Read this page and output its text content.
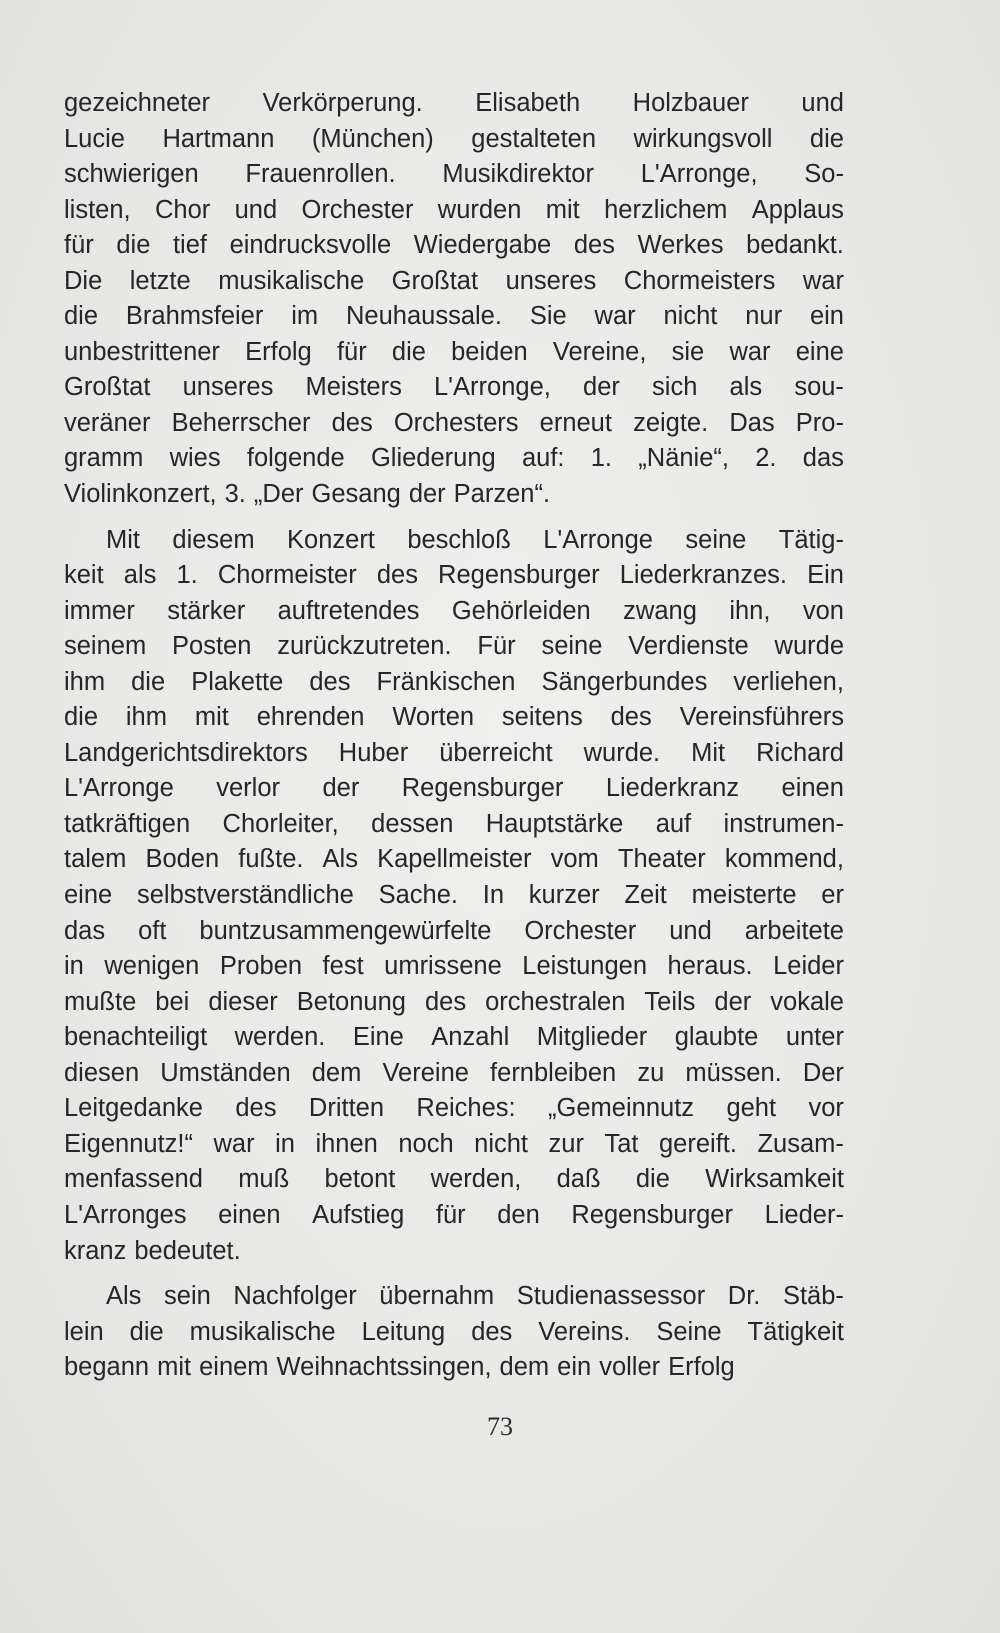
gezeichneter Verkörperung. Elisabeth Holzbauer und
Lucie Hartmann (München) gestalteten wirkungsvoll die
schwierigen Frauenrollen. Musikdirektor L'Arronge, So-
listen, Chor und Orchester wurden mit herzlichem Applaus
für die tief eindrucksvolle Wiedergabe des Werkes bedankt.
Die letzte musikalische Großtat unseres Chormeisters war
die Brahmsfeier im Neuhaussale. Sie war nicht nur ein
unbestrittener Erfolg für die beiden Vereine, sie war eine
Großtat unseres Meisters L'Arronge, der sich als sou-
veräner Beherrscher des Orchesters erneut zeigte. Das Pro-
gramm wies folgende Gliederung auf: 1. „Nänie“, 2. das
Violinkonzert, 3. „Der Gesang der Parzen“.
Mit diesem Konzert beschloß L'Arronge seine Tätig-
keit als 1. Chormeister des Regensburger Liederkranzes. Ein
immer stärker auftretendes Gehörleiden zwang ihn, von
seinem Posten zurückzutreten. Für seine Verdienste wurde
ihm die Plakette des Fränkischen Sängerbundes verliehen,
die ihm mit ehrenden Worten seitens des Vereinsführers
Landgerichtsdirektors Huber überreicht wurde. Mit Richard
L'Arronge verlor der Regensburger Liederkranz einen
tatkräftigen Chorleiter, dessen Hauptstärke auf instrumen-
talem Boden fußte. Als Kapellmeister vom Theater kommend,
eine selbstverständliche Sache. In kurzer Zeit meisterte er
das oft buntzusammengewürfelte Orchester und arbeitete
in wenigen Proben fest umrissene Leistungen heraus. Leider
mußte bei dieser Betonung des orchestralen Teils der vokale
benachteiligt werden. Eine Anzahl Mitglieder glaubte unter
diesen Umständen dem Vereine fernbleiben zu müssen. Der
Leitgedanke des Dritten Reiches: „Gemeinnutz geht vor
Eigennutz!“ war in ihnen noch nicht zur Tat gereift. Zusam-
menfassend muß betont werden, daß die Wirksamkeit
L'Arronges einen Aufstieg für den Regensburger Lieder-
kranz bedeutet.
Als sein Nachfolger übernahm Studienassessor Dr. Stäb-
lein die musikalische Leitung des Vereins. Seine Tätigkeit
begann mit einem Weihnachtssingen, dem ein voller Erfolg
73
